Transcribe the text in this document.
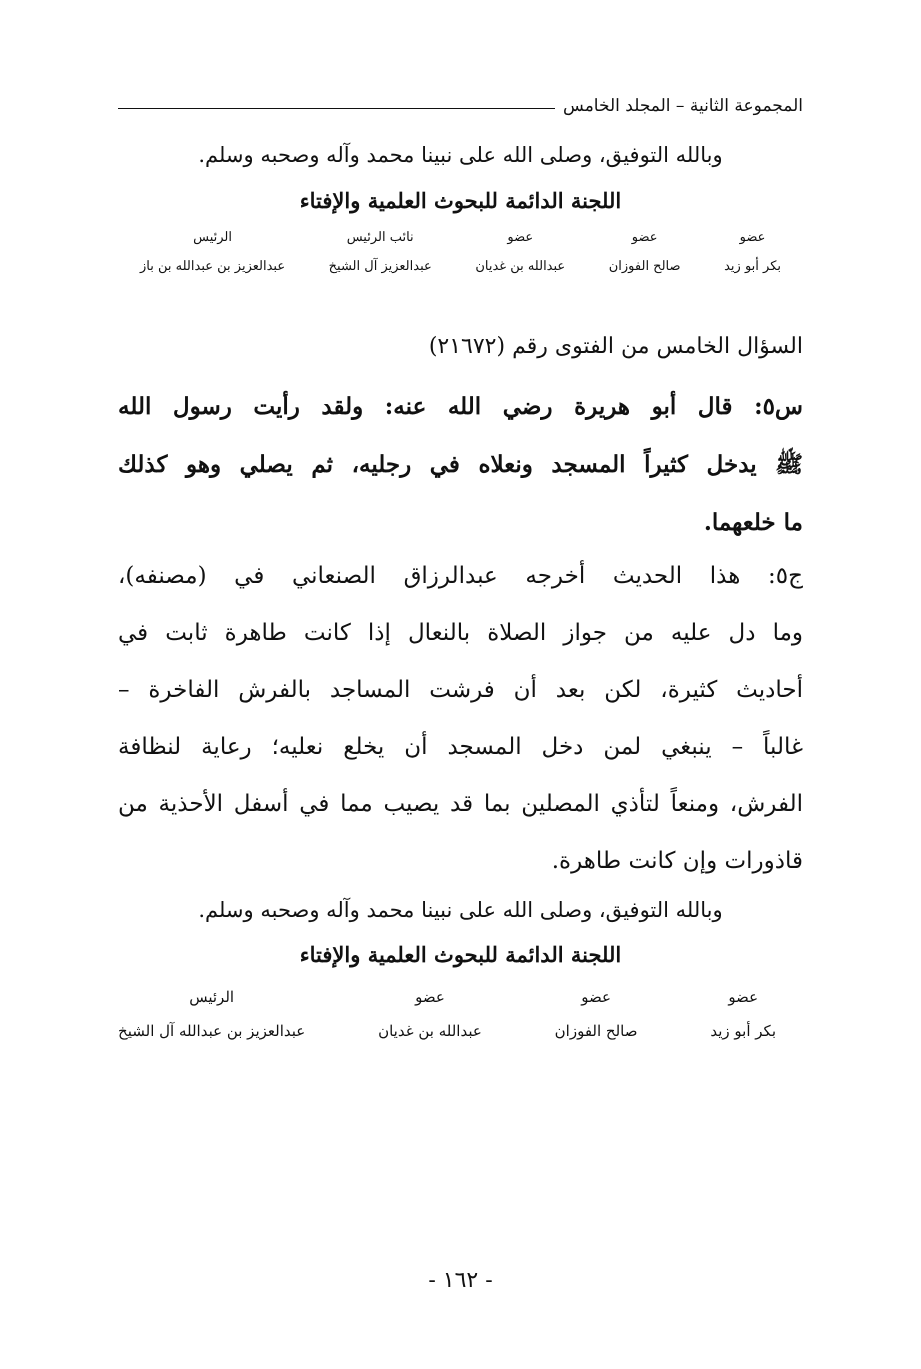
المجموعة الثانية – المجلد الخامس
وبالله التوفيق، وصلى الله على نبينا محمد وآله وصحبه وسلم.
اللجنة الدائمة للبحوث العلمية والإفتاء
عضو
بكر أبو زيد
عضو
صالح الفوزان
عضو
عبدالله بن غديان
نائب الرئيس
عبدالعزيز آل الشيخ
الرئيس
عبدالعزيز بن عبدالله بن باز
السؤال الخامس من الفتوى رقم (٢١٦٧٢)
س٥: قال أبو هريرة رضي الله عنه: ولقد رأيت رسول الله
ﷺ يدخل كثيراً المسجد ونعلاه في رجليه، ثم يصلي وهو كذلك
ما خلعهما.
ج٥: هذا الحديث أخرجه عبدالرزاق الصنعاني في (مصنفه)،
وما دل عليه من جواز الصلاة بالنعال إذا كانت طاهرة ثابت في
أحاديث كثيرة، لكن بعد أن فرشت المساجد بالفرش الفاخرة –
غالباً – ينبغي لمن دخل المسجد أن يخلع نعليه؛ رعاية لنظافة
الفرش، ومنعاً لتأذي المصلين بما قد يصيب مما في أسفل الأحذية من
قاذورات وإن كانت طاهرة.
وبالله التوفيق، وصلى الله على نبينا محمد وآله وصحبه وسلم.
اللجنة الدائمة للبحوث العلمية والإفتاء
عضو
بكر أبو زيد
عضو
صالح الفوزان
عضو
عبدالله بن غديان
الرئيس
عبدالعزيز بن عبدالله آل الشيخ
- ١٦٢ -
